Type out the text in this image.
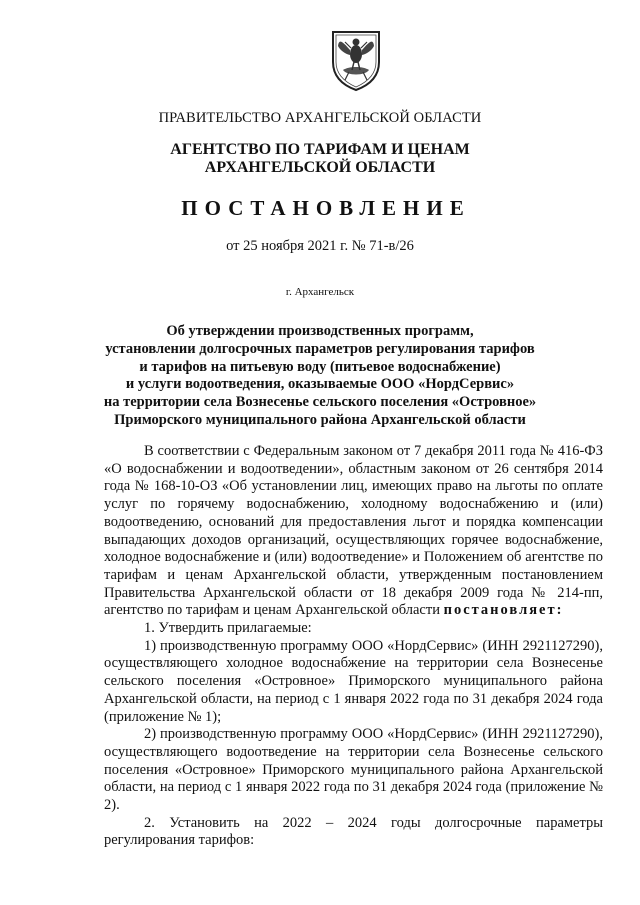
ПРАВИТЕЛЬСТВО АРХАНГЕЛЬСКОЙ ОБЛАСТИ
АГЕНТСТВО ПО ТАРИФАМ И ЦЕНАМ
АРХАНГЕЛЬСКОЙ ОБЛАСТИ
ПОСТАНОВЛЕНИЕ
от 25 ноября 2021 г. № 71-в/26
г. Архангельск
Об утверждении производственных программ,
установлении долгосрочных параметров регулирования тарифов
и тарифов на питьевую воду (питьевое водоснабжение)
и услуги водоотведения, оказываемые ООО «НордСервис»
на территории села Вознесенье сельского поселения «Островное»
Приморского муниципального района Архангельской области

В соответствии с Федеральным законом от 7 декабря 2011 года № 416-ФЗ «О водоснабжении и водоотведении», областным законом от 26 сентября 2014 года № 168-10-ОЗ «Об установлении лиц, имеющих право на льготы по оплате услуг по горячему водоснабжению, холодному водоснабжению и (или) водоотведению, оснований для предоставления льгот и порядка компенсации выпадающих доходов организаций, осуществляющих горячее водоснабжение, холодное водоснабжение и (или) водоотведение» и Положением об агентстве по тарифам и ценам Архангельской области, утвержденным постановлением Правительства Архангельской области от 18 декабря 2009 года № 214-пп, агентство по тарифам и ценам Архангельской области постановляет:

1. Утвердить прилагаемые:

1) производственную программу ООО «НордСервис» (ИНН 2921127290), осуществляющего холодное водоснабжение на территории села Вознесенье сельского поселения «Островное» Приморского муниципального района Архангельской области, на период с 1 января 2022 года по 31 декабря 2024 года (приложение № 1);

2) производственную программу ООО «НордСервис» (ИНН 2921127290), осуществляющего водоотведение на территории села Вознесенье сельского поселения «Островное» Приморского муниципального района Архангельской области, на период с 1 января 2022 года по 31 декабря 2024 года (приложение № 2).

2. Установить на 2022 – 2024 годы долгосрочные параметры регулирования тарифов:
